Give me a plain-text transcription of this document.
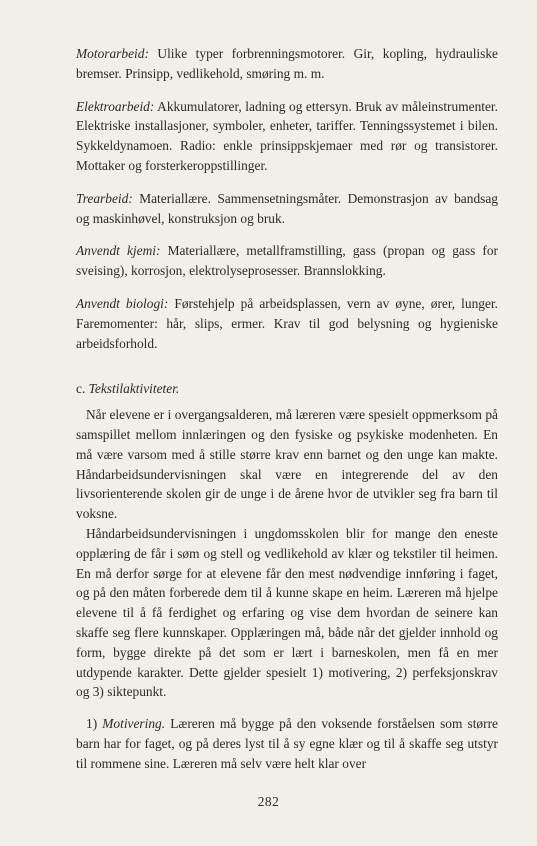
Motorarbeid: Ulike typer forbrenningsmotorer. Gir, kopling, hydrauliske bremser. Prinsipp, vedlikehold, smøring m. m.

Elektroarbeid: Akkumulatorer, ladning og ettersyn. Bruk av måleinstrumenter. Elektriske installasjoner, symboler, enheter, tariffer. Tenningssystemet i bilen. Sykkeldynamoen. Radio: enkle prinsippskjemaer med rør og transistorer. Mottaker og forsterkeroppstillinger.

Trearbeid: Materiallære. Sammensetningsmåter. Demonstrasjon av bandsag og maskinhøvel, konstruksjon og bruk.

Anvendt kjemi: Materiallære, metallframstilling, gass (propan og gass for sveising), korrosjon, elektrolyseprosesser. Brannslokking.

Anvendt biologi: Førstehjelp på arbeidsplassen, vern av øyne, ører, lunger. Faremomenter: hår, slips, ermer. Krav til god belysning og hygieniske arbeidsforhold.

c. Tekstilaktiviteter.

Når elevene er i overgangsalderen, må læreren være spesielt oppmerksom på samspillet mellom innlæringen og den fysiske og psykiske modenheten. En må være varsom med å stille større krav enn barnet og den unge kan makte. Håndarbeidsundervisningen skal være en integrerende del av den livsorienterende skolen gir de unge i de årene hvor de utvikler seg fra barn til voksne.

Håndarbeidsundervisningen i ungdomsskolen blir for mange den eneste opplæring de får i søm og stell og vedlikehold av klær og tekstiler til heimen. En må derfor sørge for at elevene får den mest nødvendige innføring i faget, og på den måten forberede dem til å kunne skape en heim. Læreren må hjelpe elevene til å få ferdighet og erfaring og vise dem hvordan de seinere kan skaffe seg flere kunnskaper. Opplæringen må, både når det gjelder innhold og form, bygge direkte på det som er lært i barneskolen, men få en mer utdypende karakter. Dette gjelder spesielt 1) motivering, 2) perfeksjonskrav og 3) siktepunkt.

1) Motivering. Læreren må bygge på den voksende forståelsen som større barn har for faget, og på deres lyst til å sy egne klær og til å skaffe seg utstyr til rommene sine. Læreren må selv være helt klar over

282
